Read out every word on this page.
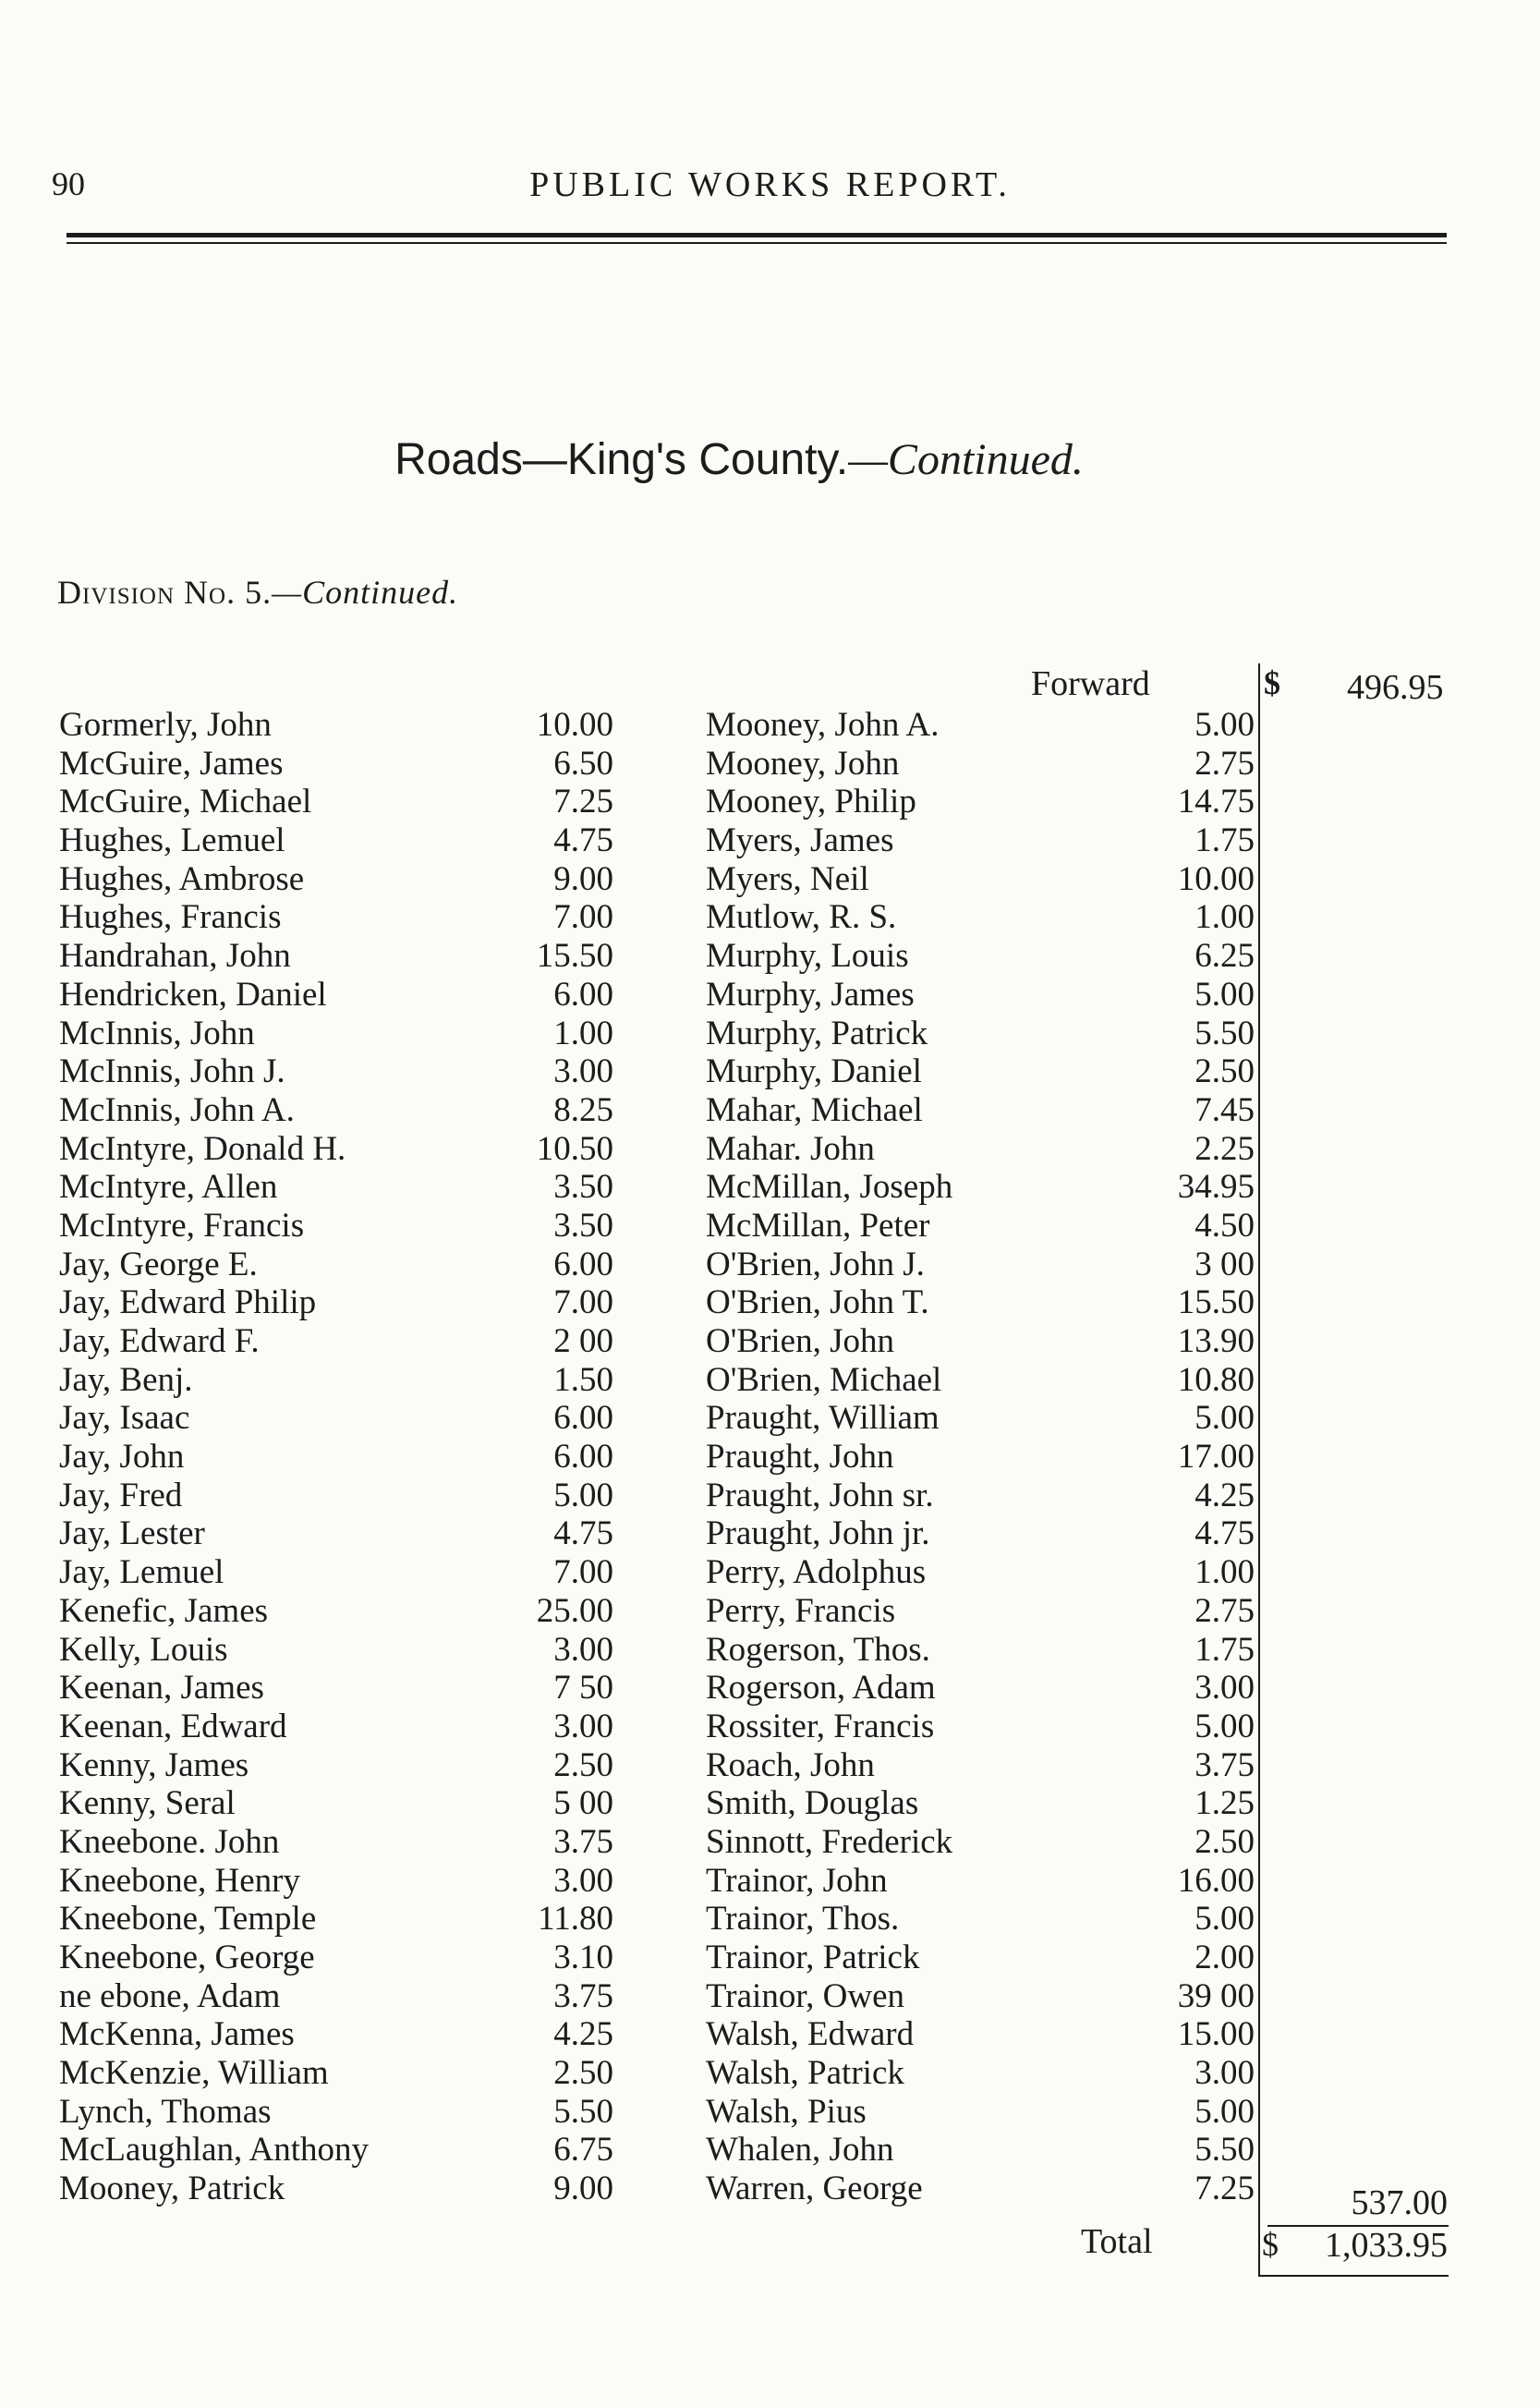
90	PUBLIC WORKS REPORT.
Roads—King's County.—Continued.
Division No. 5.—Continued.
Forward	$ 496.95
Gormerly, John	10.00
McGuire, James	6.50
McGuire, Michael	7.25
Hughes, Lemuel	4.75
Hughes, Ambrose	9.00
Hughes, Francis	7.00
Handrahan, John	15.50
Hendricken, Daniel	6.00
McInnis, John	1.00
McInnis, John J.	3.00
McInnis, John A.	8.25
McIntyre, Donald H.	10.50
McIntyre, Allen	3.50
McIntyre, Francis	3.50
Jay, George E.	6.00
Jay, Edward Philip	7.00
Jay, Edward F.	2 00
Jay, Benj.	1.50
Jay, Isaac	6.00
Jay, John	6.00
Jay, Fred	5.00
Jay, Lester	4.75
Jay, Lemuel	7.00
Kenefic, James	25.00
Kelly, Louis	3.00
Keenan, James	7 50
Keenan, Edward	3.00
Kenny, James	2.50
Kenny, Seral	5 00
Kneebone. John	3.75
Kneebone, Henry	3.00
Kneebone, Temple	11.80
Kneebone, George	3.10
ne ebone, Adam	3.75
McKenna, James	4.25
McKenzie, William	2.50
Lynch, Thomas	5.50
McLaughlan, Anthony	6.75
Mooney, Patrick	9.00
Mooney, John A.	5.00
Mooney, John	2.75
Mooney, Philip	14.75
Myers, James	1.75
Myers, Neil	10.00
Mutlow, R. S.	1.00
Murphy, Louis	6.25
Murphy, James	5.00
Murphy, Patrick	5.50
Murphy, Daniel	2.50
Mahar, Michael	7.45
Mahar. John	2.25
McMillan, Joseph	34.95
McMillan, Peter	4.50
O'Brien, John J.	3 00
O'Brien, John T.	15.50
O'Brien, John	13.90
O'Brien, Michael	10.80
Praught, William	5.00
Praught, John	17.00
Praught, John sr.	4.25
Praught, John jr.	4.75
Perry, Adolphus	1.00
Perry, Francis	2.75
Rogerson, Thos.	1.75
Rogerson, Adam	3.00
Rossiter, Francis	5.00
Roach, John	3.75
Smith, Douglas	1.25
Sinnott, Frederick	2.50
Trainor, John	16.00
Trainor, Thos.	5.00
Trainor, Patrick	2.00
Trainor, Owen	39 00
Walsh, Edward	15.00
Walsh, Patrick	3.00
Walsh, Pius	5.00
Whalen, John	5.50
Warren, George	7.25	537.00
Total	$ 1,033.95
